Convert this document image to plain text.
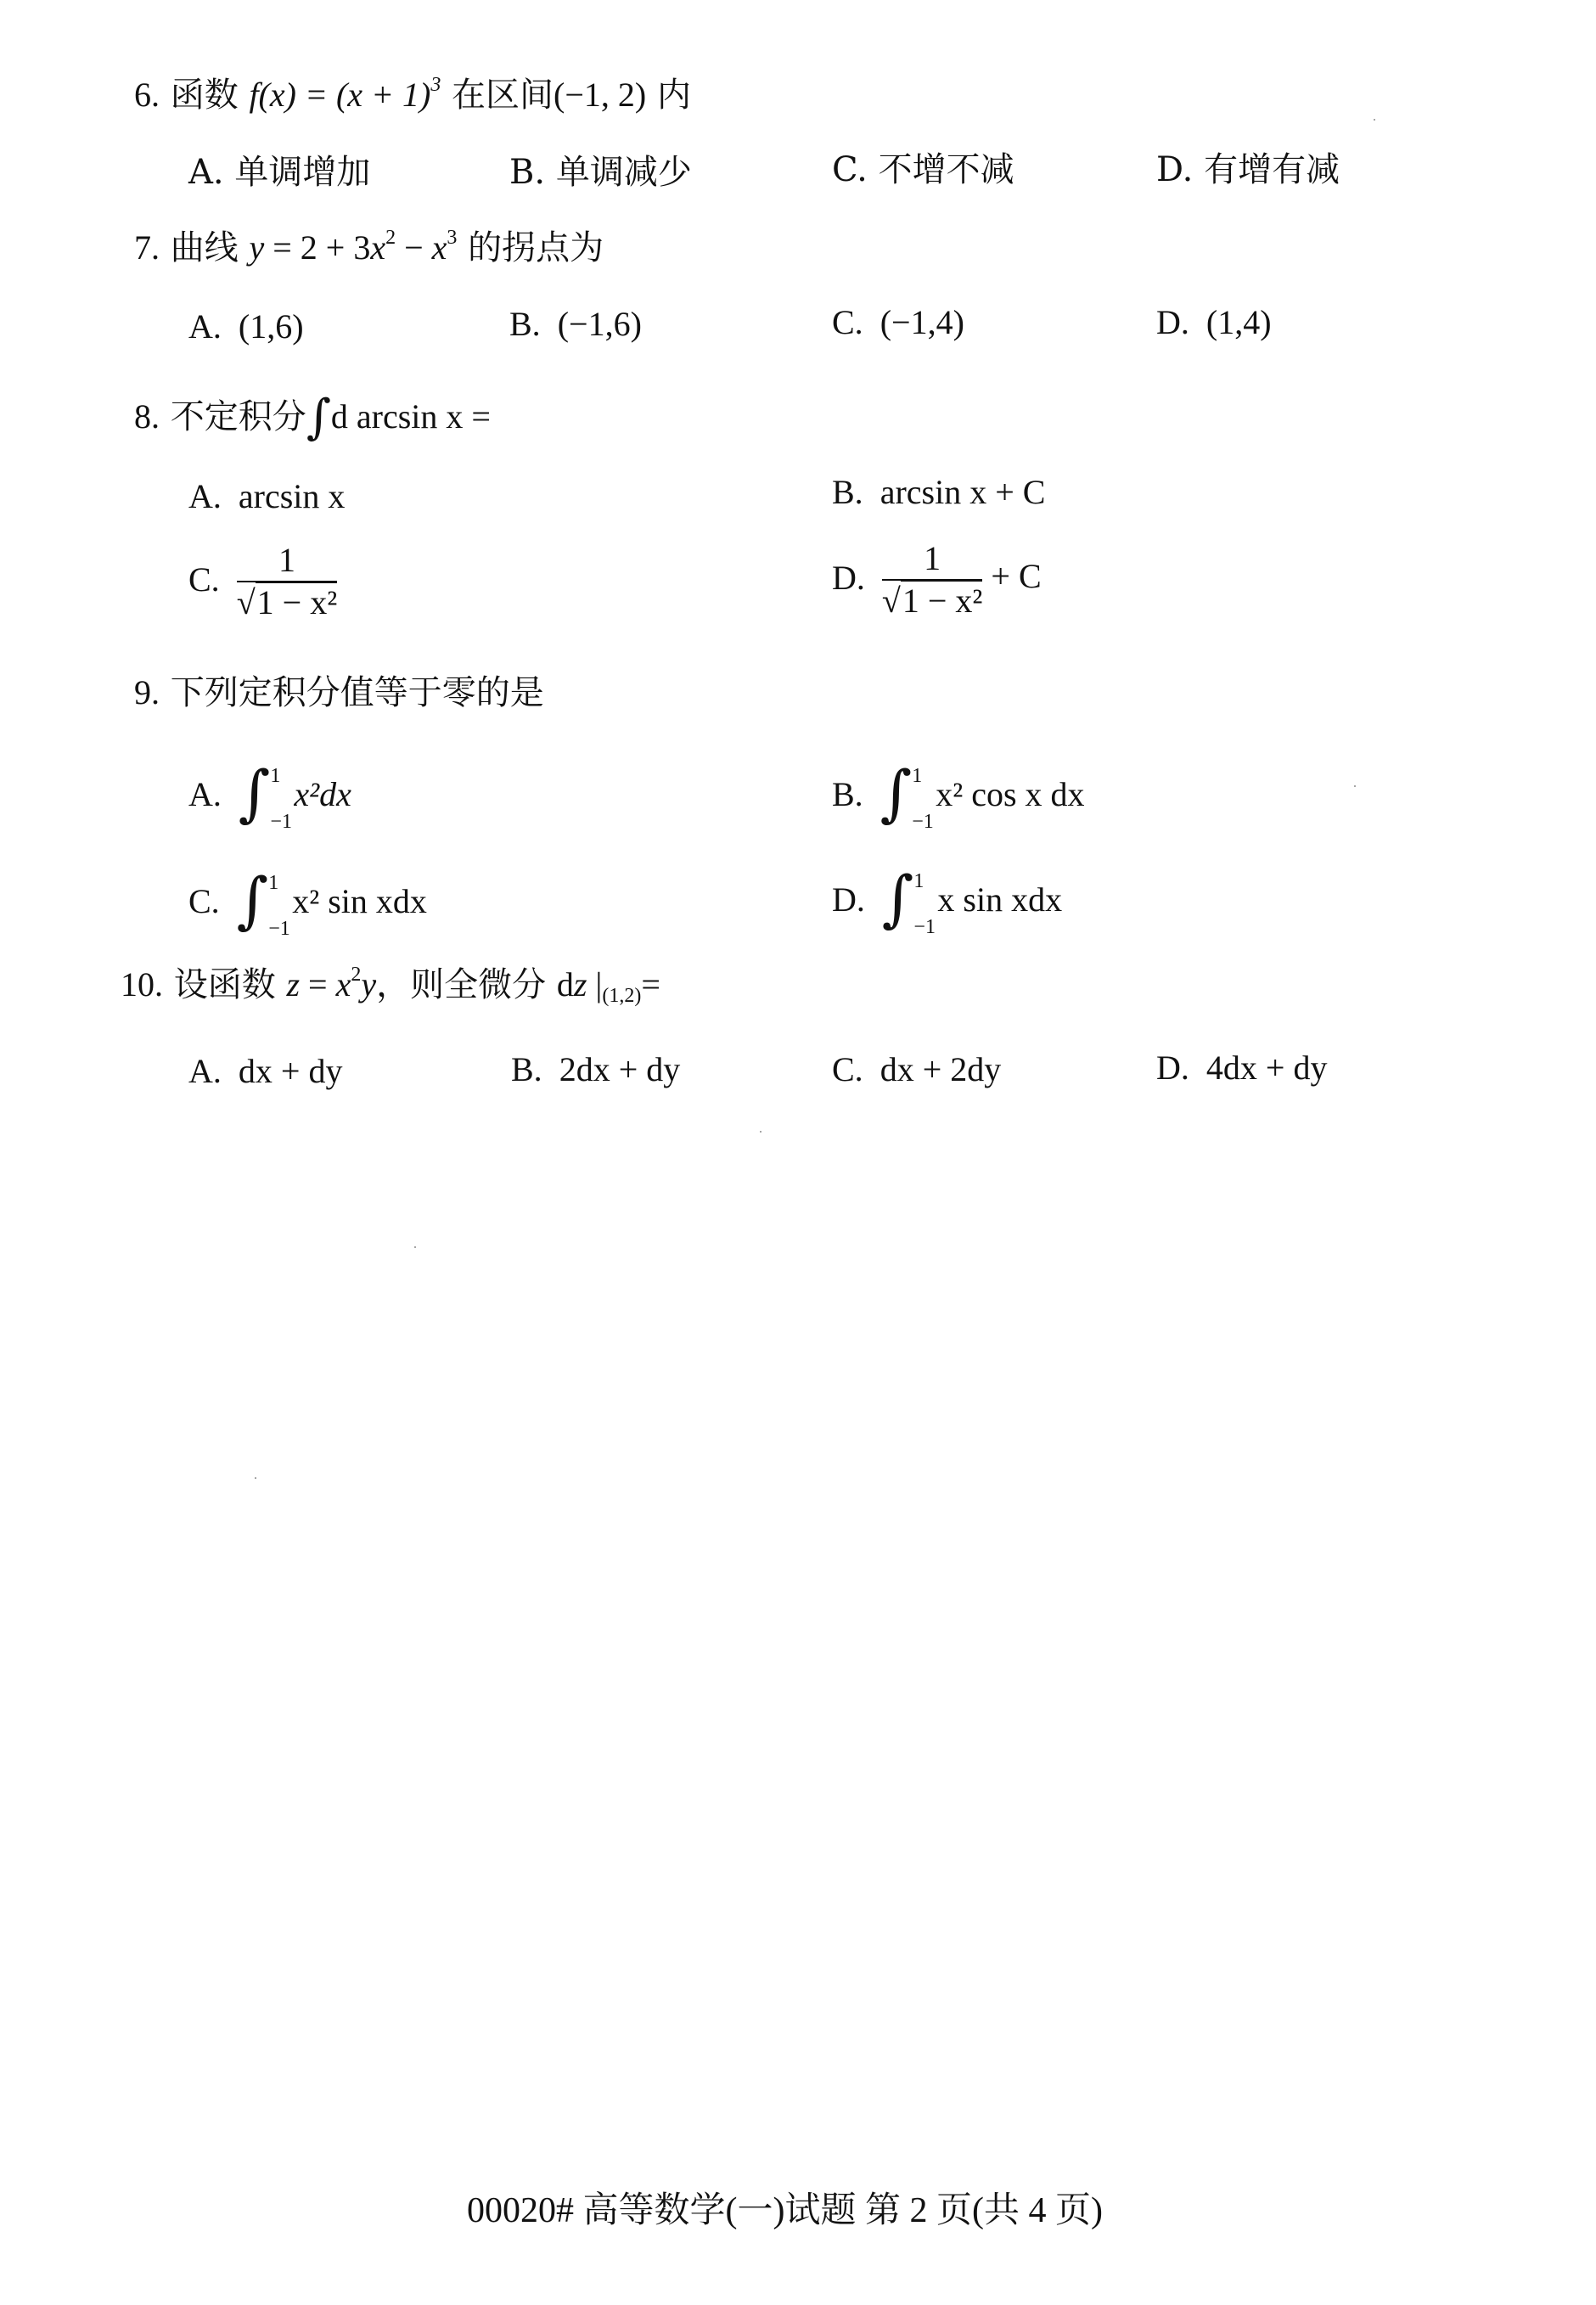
6. 函数 $f(x) = (x + 1)^3$ 在区间(−1, 2) 内
A. 单调增加	B. 单调减少	C. 不增不减	D. 有增有减
7. 曲线 $y = 2 + 3x^2 - x^3$ 的拐点为
A. (1,6)	B. (−1,6)	C. (−1,4)	D. (1,4)
8. 不定积分∫d arcsin x =
A. arcsin x	B. arcsin x + C
C. $\frac{1}{\text{√1 − x²}}$	D. $\frac{1}{\text{√1 − x²}} + C$
9. 下列定积分值等于零的是
A. ∫ 1
−1
x²dx	B. ∫ 1
−1
x² cos x dx
C. ∫ 1
−1
x² sin xdx	D. ∫ 1
−1
x sin xdx
10. 设函数 $z = x^2y$，则全微分 dz $|_{(1,2)}=$
A. dx + dy	B. 2dx + dy	C. dx + 2dy	D. 4dx + dy
00020# 高等数学(一)试题 第 2 页(共 4 页)
